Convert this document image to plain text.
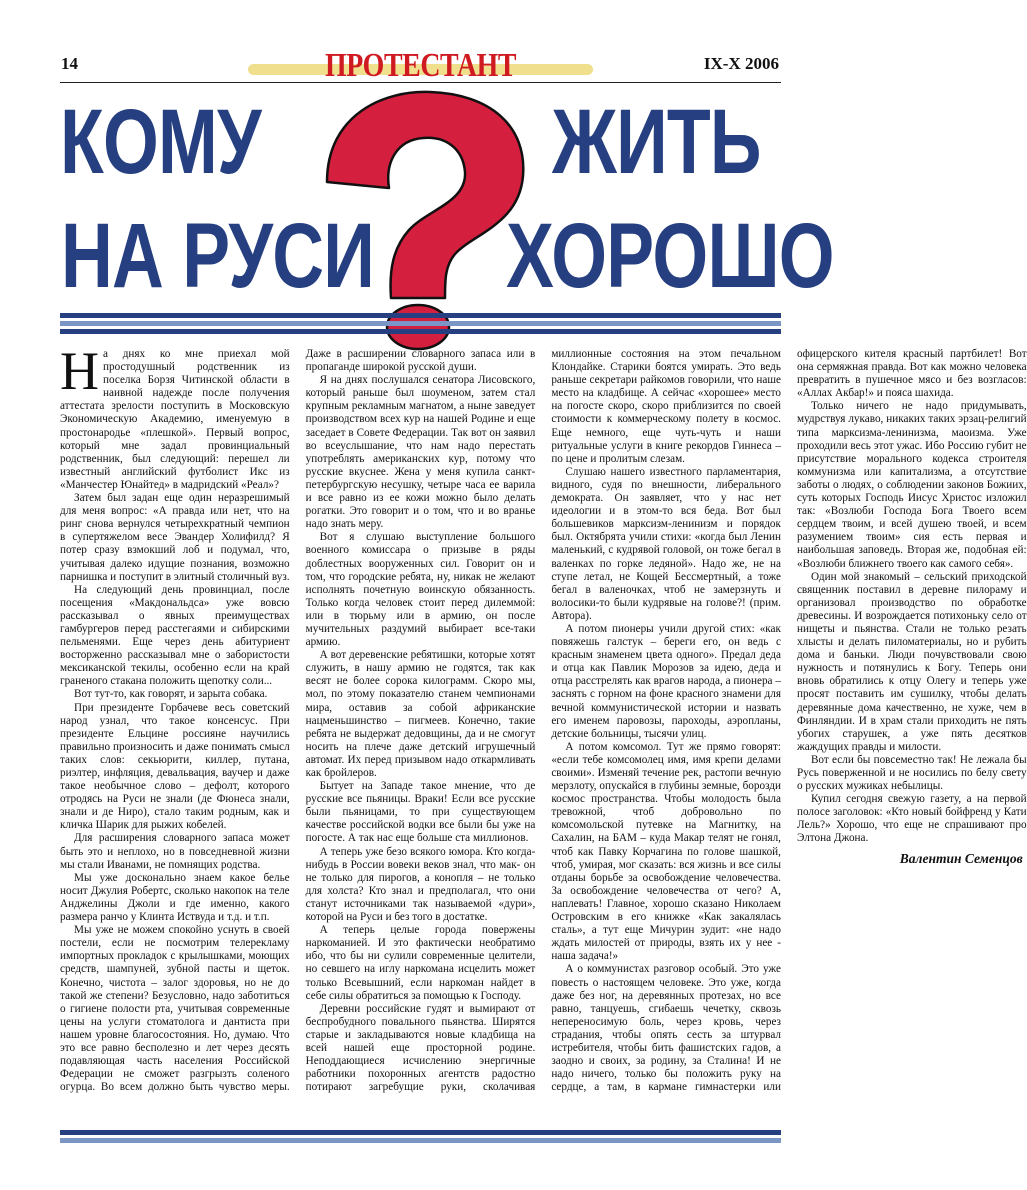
14	ПРОТЕСТАНТ	IX-X 2006
КОМУ	ЖИТЬ
НА РУСИ ХОРОШО

На днях ко мне приехал мой простодушный родственник из поселка Борзя Читинской области в наивной надежде после получения аттестата зрелости поступить в Московскую Экономическую Академию, именуемую в простонародье «плешкой». Первый вопрос, который мне задал провинциальный родственник, был следующий: перешел ли известный английский футболист Икс из «Манчестер Юнайтед» в мадридский «Реал»?

Затем был задан еще один неразрешимый для меня вопрос: «А правда или нет, что на ринг снова вернулся четырехкратный чемпион в супертяжелом весе Эвандер Холифилд? Я потер сразу взмокший лоб и подумал, что, учитывая далеко идущие познания, возможно парнишка и поступит в элитный столичный вуз.

На следующий день провинциал, после посещения «Макдональдса» уже вовсю рассказывал о явных преимуществах гамбургеров перед расстегаями и сибирскими пельменями. Еще через день абитуриент восторженно рассказывал мне о забористости мексиканской текилы, особенно если на край граненого стакана положить щепотку соли...

Вот тут-то, как говорят, и зарыта собака.

При президенте Горбачеве весь советский народ узнал, что такое консенсус. При президенте Ельцине россияне научились правильно произносить и даже понимать смысл таких слов: секьюрити, киллер, путана, риэлтер, инфляция, девальвация, ваучер и даже такое необычное слово – дефолт, которого отродясь на Руси не знали (де Фюнеса знали, знали и де Ниро), стало таким родным, как и кличка Шарик для рыжих кобелей.

Для расширения словарного запаса может быть это и неплохо, но в повседневной жизни мы стали Иванами, не помнящих родства.

Мы уже досконально знаем какое белье носит Джулия Робертс, сколько накопок на теле Анджелины Джоли и где именно, какого размера ранчо у Клинта Иствуда и т.д. и т.п.

Мы уже не можем спокойно уснуть в своей постели, если не посмотрим телерекламу импортных прокладок с крылышками, моющих средств, шампуней, зубной пасты и щеток. Конечно, чистота – залог здоровья, но не до такой же степени? Безусловно, надо заботиться о гигиене полости рта, учитывая современные цены на услуги стоматолога и дантиста при нашем уровне благосостояния. Но, думаю. Что это все равно бесполезно и лет через десять подавляющая часть населения Российской Федерации не сможет разгрызть соленого огурца. Во всем должно быть чувство меры. Даже в расширении словарного запаса или в пропаганде широкой русской души.

Я на днях послушался сенатора Лисовского, который раньше был шоуменом, затем стал крупным рекламным магнатом, а ныне заведует производством всех кур на нашей Родине и еще заседает в Совете Федерации. Так вот он заявил во всеуслышание, что нам надо перестать употреблять американских кур, потому что русские вкуснее. Жена у меня купила санкт-петербургскую несушку, четыре часа ее варила и все равно из ее кожи можно было делать рогатки. Это говорит и о том, что и во вранье надо знать меру.

Вот я слушаю выступление большого военного комиссара о призыве в ряды доблестных вооруженных сил. Говорит он и том, что городские ребята, ну, никак не желают исполнять почетную воинскую обязанность. Только когда человек стоит перед дилеммой: или в тюрьму или в армию, он после мучительных раздумий выбирает все-таки армию.

А вот деревенские ребятишки, которые хотят служить, в нашу армию не годятся, так как весят не более сорока килограмм. Скоро мы, мол, по этому показателю станем чемпионами мира, оставив за собой африканские нацменьшинство – пигмеев. Конечно, такие ребята не выдержат дедовщины, да и не смогут носить на плече даже детский игрушечный автомат. Их перед призывом надо откармливать как бройлеров.

Бытует на Западе такое мнение, что де русские все пьяницы. Враки! Если все русские были пьяницами, то при существующем качестве российской водки все были бы уже на погосте. А так нас еще больше ста миллионов.

А теперь уже безо всякого юмора. Кто когда-нибудь в России вовеки веков знал, что мак- он не только для пирогов, а конопля – не только для холста? Кто знал и предполагал, что они станут источниками так называемой «дури», которой на Руси и без того в достатке.

А теперь целые города повержены наркоманией. И это фактически необратимо ибо, что бы ни сулили современные целители, но севшего на иглу наркомана исцелить может только Всевышний, если наркоман найдет в себе силы обратиться за помощью к Господу.

Деревни российские гудят и вымирают от беспробудного повального пьянства. Ширятся старые и закладываются новые кладбища на всей нашей еще просторной родине. Неподдающиеся исчислению энергичные работники похоронных агентств радостно потирают загребущие руки, сколачивая миллионные состояния на этом печальном Клондайке. Старики боятся умирать. Это ведь раньше секретари райкомов говорили, что наше место на кладбище. А сейчас «хорошее» место на погосте скоро, скоро приблизится по своей стоимости к коммерческому полету в космос. Еще немного, еще чуть-чуть и наши ритуальные услуги в книге рекордов Гиннеса – по цене и пролитым слезам.

Слушаю нашего известного парламентария, видного, судя по внешности, либерального демократа. Он заявляет, что у нас нет идеологии и в этом-то вся беда. Вот был большевиков марксизм-ленинизм и порядок был. Октябрята учили стихи: «когда был Ленин маленький, с кудрявой головой, он тоже бегал в валенках по горке ледяной». Надо же, не на ступе летал, не Кощей Бессмертный, а тоже бегал в валеночках, чтоб не замерзнуть и волосики-то были кудрявые на голове?! (прим. Автора).

А потом пионеры учили другой стих: «как повяжешь галстук – береги его, он ведь с красным знаменем цвета одного». Предал деда и отца как Павлик Морозов за идею, деда и отца расстрелять как врагов народа, а пионера – заснять с горном на фоне красного знамени для вечной коммунистической истории и назвать его именем паровозы, пароходы, аэропланы, детские больницы, тысячи улиц.

А потом комсомол. Тут же прямо говорят: «если тебе комсомолец имя, имя крепи делами своими». Изменяй течение рек, растопи вечную мерзлоту, опускайся в глубины земные, борозди космос пространства. Чтобы молодость была тревожной, чтоб добровольно по комсомольской путевке на Магнитку, на Сахалин, на БАМ – куда Макар телят не гонял, чтоб как Павку Корчагина по голове шашкой, чтоб, умирая, мог сказать: вся жизнь и все силы отданы борьбе за освобождение человечества. За освобождение человечества от чего? А, наплевать! Главное, хорошо сказано Николаем Островским в его книжке «Как закалялась сталь», а тут еще Мичурин зудит: «не надо ждать милостей от природы, взять их у нее - наша задача!»

А о коммунистах разговор особый. Это уже повесть о настоящем человеке. Это уже, когда даже без ног, на деревянных протезах, но все равно, танцуешь, сгибаешь чечетку, сквозь непереносимую боль, через кровь, через страдания, чтобы опять сесть за штурвал истребителя, чтобы бить фашистских гадов, а заодно и своих, за родину, за Сталина! И не надо ничего, только бы положить руку на сердце, а там, в кармане гимнастерки или офицерского кителя красный партбилет! Вот она сермяжная правда. Вот как можно человека превратить в пушечное мясо и без возгласов: «Аллах Акбар!» и пояса шахида.

Только ничего не надо придумывать, мудрствуя лукаво, никаких таких эрзац-религий типа марксизма-ленинизма, маоизма. Уже проходили весь этот ужас. Ибо Россию губит не присутствие морального кодекса строителя коммунизма или капитализма, а отсутствие заботы о людях, о соблюдении законов Божиих, суть которых Господь Иисус Христос изложил так: «Возлюби Господа Бога Твоего всем сердцем твоим, и всей душею твоей, и всем разумением твоим» сия есть первая и наибольшая заповедь. Вторая же, подобная ей: «Возлюби ближнего твоего как самого себя».

Один мой знакомый – сельский приходской священник поставил в деревне пилораму и организовал производство по обработке древесины. И возрождается потихоньку село от нищеты и пьянства. Стали не только резать хлысты и делать пиломатериалы, но и рубить дома и баньки. Люди почувствовали свою нужность и потянулись к Богу. Теперь они вновь обратились к отцу Олегу и теперь уже просят поставить им сушилку, чтобы делать деревянные дома качественно, не хуже, чем в Финляндии. И в храм стали приходить не пять убогих старушек, а уже пять десятков жаждущих правды и милости.

Вот если бы повсеместно так! Не лежала бы Русь поверженной и не носились по белу свету о русских мужиках небылицы.

Купил сегодня свежую газету, а на первой полосе заголовок: «Кто новый бойфренд у Кати Лель?» Хорошо, что еще не спрашивают про Элтона Джона.

Валентин Семенцов
